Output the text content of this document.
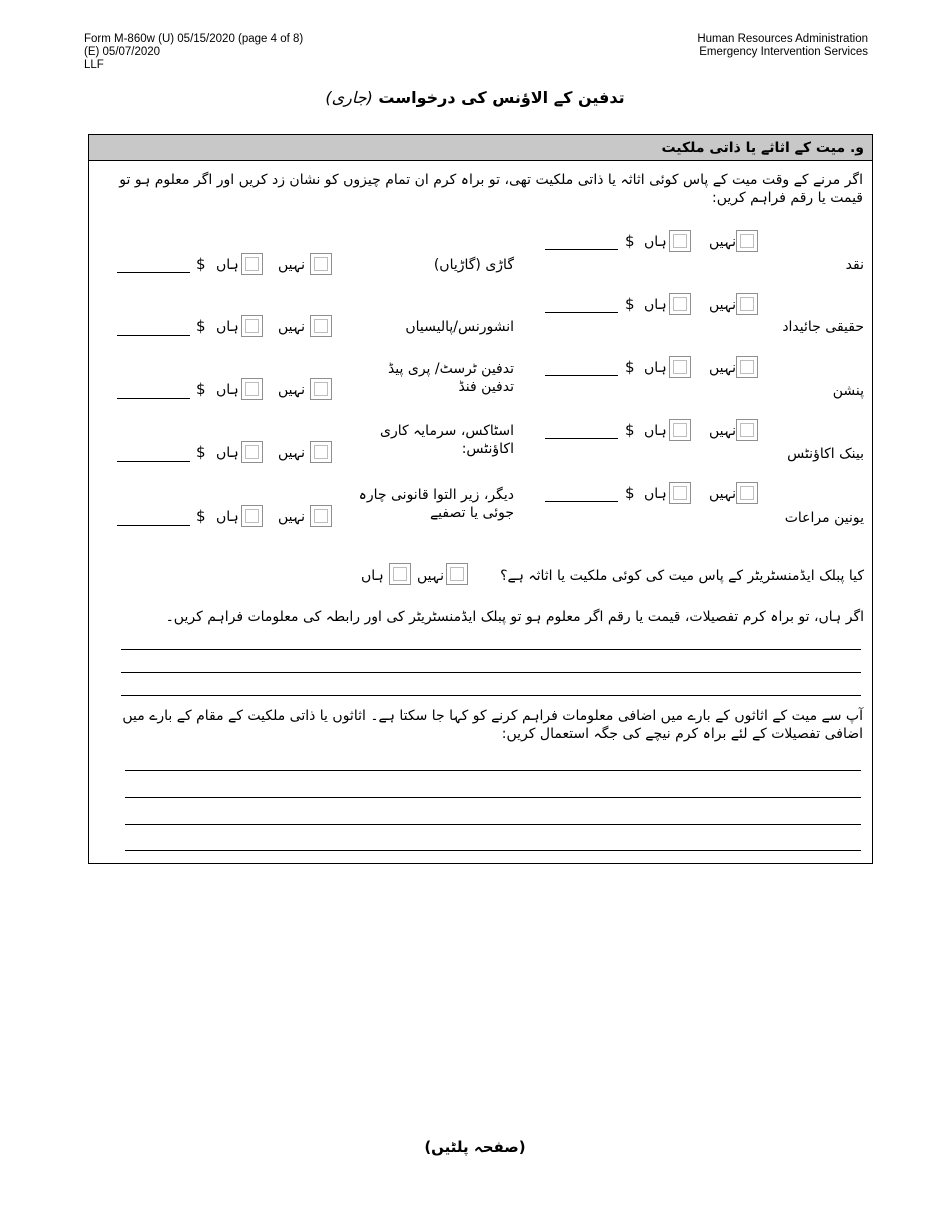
Form M-860w (U) 05/15/2020 (page 4 of 8)
(E) 05/07/2020
LLF
Human Resources Administration
Emergency Intervention Services
تدفین کے الاؤنس کی درخواست (جاری)
و. میت کے اثاثے یا ذاتی ملکیت
اگر مرنے کے وقت میت کے پاس کوئی اثاثہ یا ذاتی ملکیت تھی، تو براہ کرم ان تمام چیزوں کو نشان زد کریں اور اگر معلوم ہو تو قیمت یا رقم فراہم کریں:
نقد
نہیں
ہاں
$
گاڑی (گاڑیاں)
نہیں
ہاں
$
حقیقی جائیداد
نہیں
ہاں
$
انشورنس/پالیسیاں
نہیں
ہاں
$
پنشن
نہیں
ہاں
$
تدفین ٹرسٹ/ پری پیڈ تدفین فنڈ
نہیں
ہاں
$
بینک اکاؤنٹس
نہیں
ہاں
$
اسٹاکس، سرمایہ کاری اکاؤنٹس:
نہیں
ہاں
$
یونین مراعات
نہیں
ہاں
$
دیگر، زیر التوا قانونی چارہ جوئی یا تصفیے
نہیں
ہاں
$
کیا پبلک ایڈمنسٹریٹر کے پاس میت کی کوئی ملکیت یا اثاثہ ہے؟
نہیں
ہاں
اگر ہاں، تو براہ کرم تفصیلات، قیمت یا رقم اگر معلوم ہو تو پبلک ایڈمنسٹریٹر کی اور رابطہ کی معلومات فراہم کریں۔
آپ سے میت کے اثاثوں کے بارے میں اضافی معلومات فراہم کرنے کو کہا جا سکتا ہے۔ اثاثوں یا ذاتی ملکیت کے مقام کے بارے میں اضافی تفصیلات کے لئے براہ کرم نیچے کی جگہ استعمال کریں:
(صفحہ پلٹیں)
